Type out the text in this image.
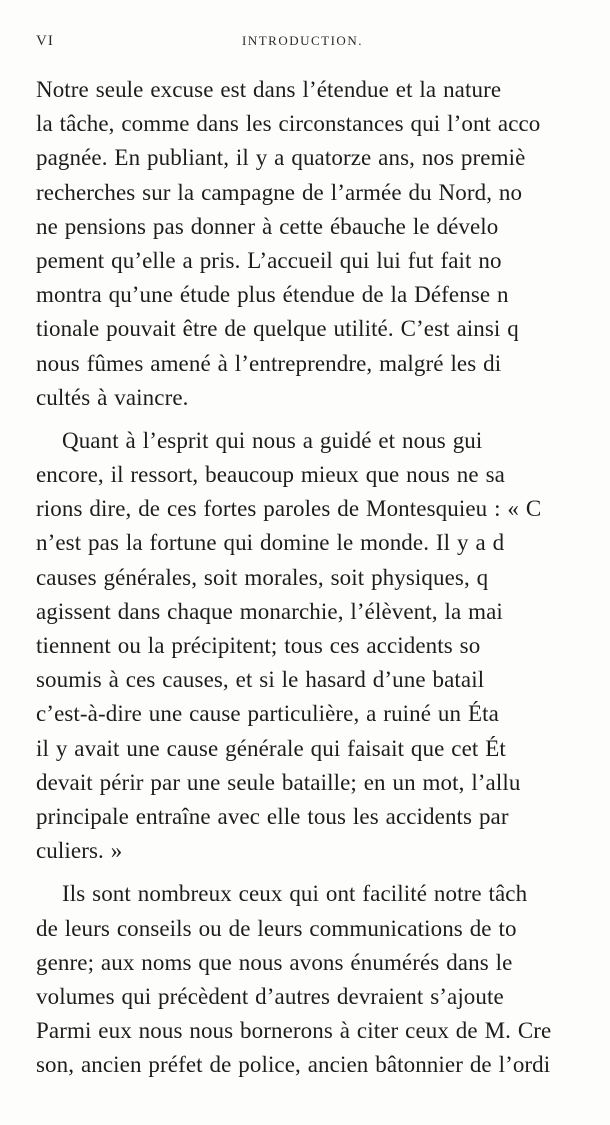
VI	INTRODUCTION.
Notre seule excuse est dans l’étendue et la nature
la tâche, comme dans les circonstances qui l’ont acco
pagnée. En publiant, il y a quatorze ans, nos premiè
recherches sur la campagne de l’armée du Nord, no
ne pensions pas donner à cette ébauche le dévelo
pement qu’elle a pris. L’accueil qui lui fut fait no
montra qu’une étude plus étendue de la Défense n
tionale pouvait être de quelque utilité. C’est ainsi q
nous fûmes amené à l’entreprendre, malgré les di
cultés à vaincre.
Quant à l’esprit qui nous a guidé et nous gui
encore, il ressort, beaucoup mieux que nous ne sa
rions dire, de ces fortes paroles de Montesquieu : « C
n’est pas la fortune qui domine le monde. Il y a d
causes générales, soit morales, soit physiques, q
agissent dans chaque monarchie, l’élèvent, la mai
tiennent ou la précipitent; tous ces accidents so
soumis à ces causes, et si le hasard d’une batail
c’est-à-dire une cause particulière, a ruiné un Éta
il y avait une cause générale qui faisait que cet Ét
devait périr par une seule bataille; en un mot, l’allu
principale entraîne avec elle tous les accidents par
culiers. »
Ils sont nombreux ceux qui ont facilité notre tâch
de leurs conseils ou de leurs communications de to
genre; aux noms que nous avons énumérés dans le
volumes qui précèdent d’autres devraient s’ajoute
Parmi eux nous nous bornerons à citer ceux de M. Cre
son, ancien préfet de police, ancien bâtonnier de l’ordi
